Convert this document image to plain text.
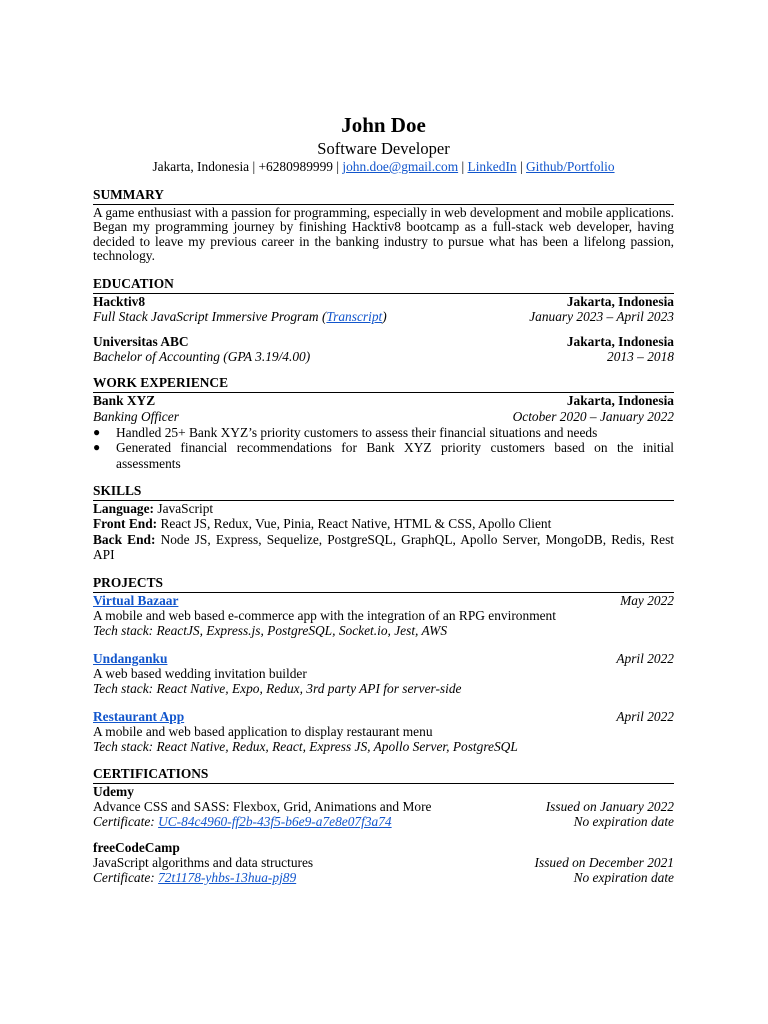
John Doe
Software Developer
Jakarta, Indonesia | +6280989999 | john.doe@gmail.com | LinkedIn | Github/Portfolio
SUMMARY
A game enthusiast with a passion for programming, especially in web development and mobile applications. Began my programming journey by finishing Hacktiv8 bootcamp as a full-stack web developer, having decided to leave my previous career in the banking industry to pursue what has been a lifelong passion, technology.
EDUCATION
Hacktiv8	Jakarta, Indonesia
Full Stack JavaScript Immersive Program (Transcript)	January 2023 – April 2023
Universitas ABC	Jakarta, Indonesia
Bachelor of Accounting (GPA 3.19/4.00)	2013 – 2018
WORK EXPERIENCE
Bank XYZ	Jakarta, Indonesia
Banking Officer	October 2020 – January 2022
● Handled 25+ Bank XYZ’s priority customers to assess their financial situations and needs
● Generated financial recommendations for Bank XYZ priority customers based on the initial assessments
SKILLS
Language: JavaScript
Front End: React JS, Redux, Vue, Pinia, React Native, HTML & CSS, Apollo Client
Back End: Node JS, Express, Sequelize, PostgreSQL, GraphQL, Apollo Server, MongoDB, Redis, Rest API
PROJECTS
Virtual Bazaar	May 2022
A mobile and web based e-commerce app with the integration of an RPG environment
Tech stack: ReactJS, Express.js, PostgreSQL, Socket.io, Jest, AWS
Undanganku	April 2022
A web based wedding invitation builder
Tech stack: React Native, Expo, Redux, 3rd party API for server-side
Restaurant App	April 2022
A mobile and web based application to display restaurant menu
Tech stack: React Native, Redux, React, Express JS, Apollo Server, PostgreSQL
CERTIFICATIONS
Udemy
Advance CSS and SASS: Flexbox, Grid, Animations and More	Issued on January 2022
Certificate: UC-84c4960-ff2b-43f5-b6e9-a7e8e07f3a74	No expiration date
freeCodeCamp
JavaScript algorithms and data structures	Issued on December 2021
Certificate: 72t1178-yhbs-13hua-pj89	No expiration date
